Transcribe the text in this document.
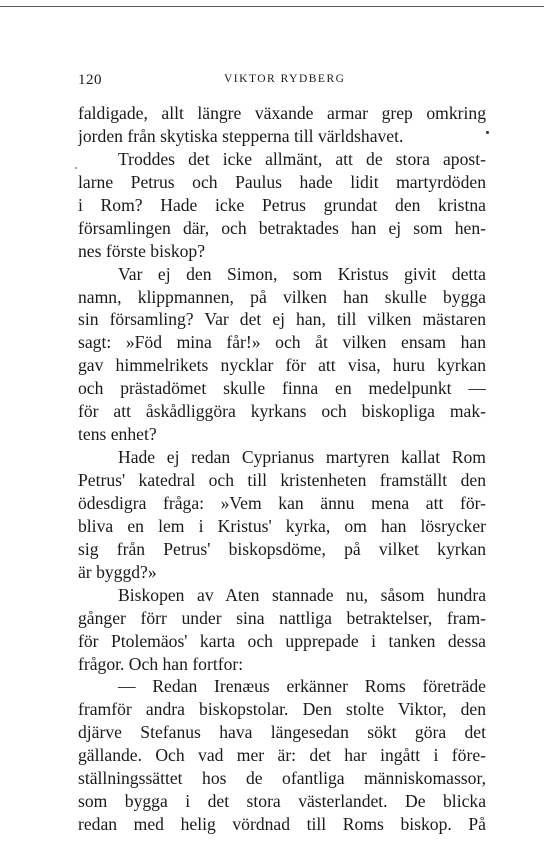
120	VIKTOR RYDBERG
faldigade, allt längre växande armar grep omkring
jorden från skytiska stepperna till världshavet.
Troddes det icke allmänt, att de stora apost-
larne Petrus och Paulus hade lidit martyrdöden
i Rom? Hade icke Petrus grundat den kristna
församlingen där, och betraktades han ej som hen-
nes förste biskop?
Var ej den Simon, som Kristus givit detta
namn, klippmannen, på vilken han skulle bygga
sin församling? Var det ej han, till vilken mästaren
sagt: »Föd mina får!» och åt vilken ensam han
gav himmelrikets nycklar för att visa, huru kyrkan
och prästadömet skulle finna en medelpunkt —
för att åskådliggöra kyrkans och biskopliga mak-
tens enhet?
Hade ej redan Cyprianus martyren kallat Rom
Petrus' katedral och till kristenheten framställt den
ödesdigra fråga: »Vem kan ännu mena att för-
bliva en lem i Kristus' kyrka, om han lösrycker
sig från Petrus' biskopsdöme, på vilket kyrkan
är byggd?»
Biskopen av Aten stannade nu, såsom hundra
gånger förr under sina nattliga betraktelser, fram-
för Ptolemäos' karta och upprepade i tanken dessa
frågor. Och han fortfor:
— Redan Irenæus erkänner Roms företräde
framför andra biskopstolar. Den stolte Viktor, den
djärve Stefanus hava längesedan sökt göra det
gällande. Och vad mer är: det har ingått i före-
ställningssättet hos de ofantliga människomassor,
som bygga i det stora västerlandet. De blicka
redan med helig vördnad till Roms biskop. På
